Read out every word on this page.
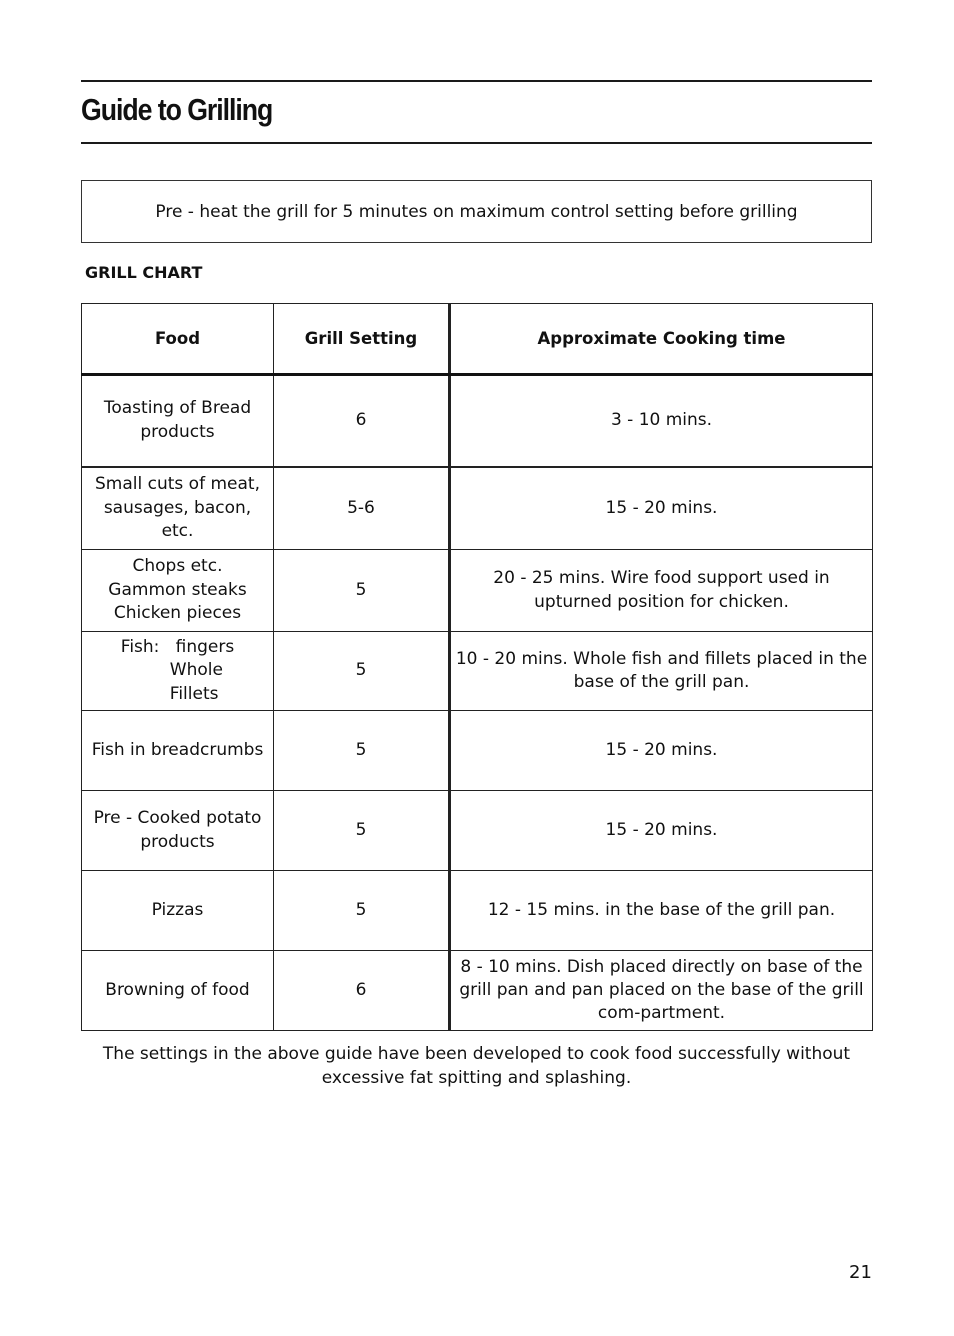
Guide to Grilling
Pre - heat the grill for 5 minutes on maximum control setting before grilling
GRILL CHART
Food	Grill Setting	Approximate Cooking time
Toasting of Bread products	6	3 - 10 mins.
Small cuts of meat, sausages, bacon, etc.	5-6	15 - 20 mins.

Chops etc.
Gammon steaks
Chicken pieces	5	20 - 25 mins. Wire food support used in upturned position for chicken.

Fish:   fingers
Whole
Fillets	5	10 - 20 mins. Whole fish and fillets placed in the base of the grill pan.
Fish in breadcrumbs	5	15 - 20 mins.
Pre - Cooked potato products	5	15 - 20 mins.
Pizzas	5	12 - 15 mins. in the base of the grill pan.
Browning of food	6	8 - 10 mins. Dish placed directly on base of the grill pan and pan placed on the base of the grill com-partment.
The settings in the above guide have been developed to cook food successfully without excessive fat spitting and splashing.
21
